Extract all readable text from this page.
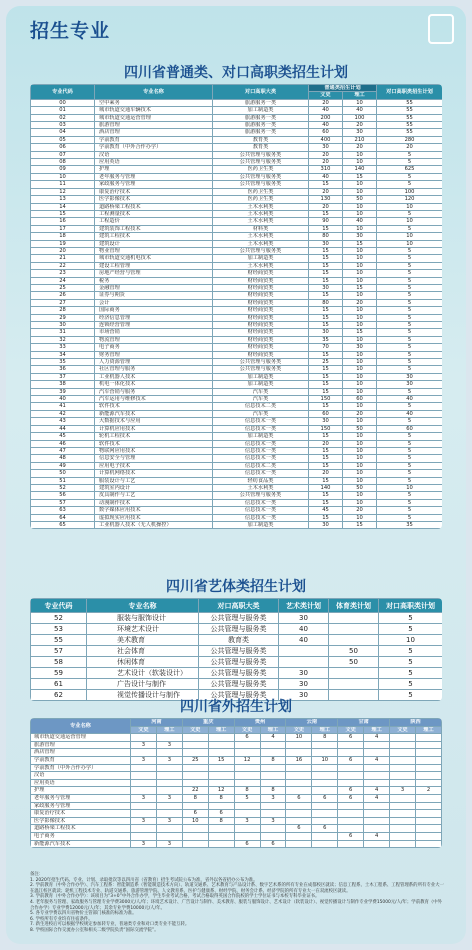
招生专业
四川省普通类、对口高职类招生计划
专业代码	专业名称	对口高职大类	普通类招生计划		对口高职类招生计划
			文史	理工	
00	空中乘务	旅游服务一类	20	10	55
01	城市轨道交通车辆技术	加工制造类	40	40	55
02	城市轨道交通运营管理	旅游服务一类	200	100	55
03	旅游管理	旅游服务一类	40	20	55
04	酒店管理	旅游服务一类	60	30	55
05	学前教育	教育类	400	210	280
06	学前教育（中外合作办学）	教育类	30	20	20
07	汉语	公共管理与服务类	20	10	5
08	应用英语	公共管理与服务类	20	10	5
09	护理	医药卫生类	310	140	625
10	老年服务与管理	公共管理与服务类	40	15	5
11	家政服务与管理	公共管理与服务类	15	10	5
12	康复治疗技术	医药卫生类	20	10	100
13	医学影像技术	医药卫生类	130	50	120
14	道路桥梁工程技术	土木水利类	20	10	10
15	工程测量技术	土木水利类	15	10	5
16	工程造价	土木水利类	90	40	10
17	建筑装饰工程技术	材料类	15	10	5
18	建筑工程技术	土木水利类	80	30	10
19	建筑设计	土木水利类	30	15	10
20	物业管理	公共管理与服务类	15	10	5
21	城市轨道交通机电技术	加工制造类	15	10	5
22	建设工程管理	土木水利类	15	10	5
23	房地产经营与管理	财经商贸类	15	10	5
24	税务	财经商贸类	15	10	5
25	金融管理	财经商贸类	30	15	5
26	证券与期货	财经商贸类	15	10	5
27	会计	财经商贸类	80	20	5
28	国际商务	财经商贸类	15	10	5
29	经济信息管理	财经商贸类	15	10	5
30	连锁经营管理	财经商贸类	15	10	5
31	市场营销	财经商贸类	30	15	5
32	物流管理	财经商贸类	35	10	5
33	电子商务	财经商贸类	70	30	5
34	财务管理	财经商贸类	15	10	5
35	人力资源管理	公共管理与服务类	25	10	5
36	社区管理与服务	公共管理与服务类	15	10	5
37	工业机器人技术	加工制造类	15	10	30
38	机电一体化技术	加工制造类	15	10	30
39	汽车营销与服务	汽车类	15	10	5
40	汽车运用与维修技术	汽车类	150	60	40
41	软件技术	信息技术二类	15	10	5
42	新能源汽车技术	汽车类	60	20	40
43	大数据技术与应用	信息技术一类	30	10	5
44	计算机应用技术	信息技术一类	150	50	60
45	轮机工程技术	加工制造类	15	10	5
46	软件技术	信息技术一类	20	10	5
47	物联网应用技术	信息技术一类	15	10	5
48	信息安全与管理	信息技术一类	15	10	5
49	应用电子技术	信息技术二类	15	10	5
50	计算机网络技术	信息技术一类	20	10	5
51	服装设计与工艺	轻纺食品类	15	10	5
52	建筑室内设计	土木水利类	140	50	10
56	皮具制作与工艺	公共管理与服务类	15	10	5
57	动漫制作技术	信息技术一类	15	10	5
63	数字媒体应用技术	信息技术一类	45	20	5
64	虚拟现实应用技术	信息技术一类	15	10	5
65	工业机器人技术（无人机操控）	加工制造类	30	15	35
四川省艺体类招生计划
专业代码	专业名称	对口高职大类	艺术类计划	体育类计划	对口高职类计划
52	服装与服饰设计	公共管理与服务类	30		5
53	环境艺术设计	公共管理与服务类	40		5
55	美术教育	教育类	40		10
57	社会体育	公共管理与服务类		50	5
58	休闲体育	公共管理与服务类		50	5
59	艺术设计（软装设计）	公共管理与服务类	30		5
61	广告设计与制作	公共管理与服务类	30		5
62	视觉传播设计与制作	公共管理与服务类	30		5
四川省外招生计划
专业名称	河南		重庆		贵州		云南		甘肃		陕西	
	文史	理工	文史	理工	文史	理工	文史	理工	文史	理工	文史	理工
城市轨道交通运营管理					6	4	10	8	6	4		
旅游管理	3	3										
酒店管理												
学前教育	3	3	25	15	12	8	16	10	6	4		
学前教育（中外合作办学）												
汉语												
应用英语												
护理			22	12	8	8			6	4	3	2
老年服务与管理	3	3	8	8	5	3	6	6	6	4		
家政服务与管理												
康复治疗技术			6	6								
医学影像技术	3	3	10	8	3	3						
道路桥梁工程技术							6	6				
电子商务									6	4		
新能源汽车技术	3	3			6	6						
备注：
1. 2020年招生代码、专业、计划、录取批次等以四川省（省教育）招生考试院公布为准，省外以各省招办公布为准。
2. 学前教育（中外合作办学）、汽车工程系：智能制造系（智能制造技术方向）、轨道交通系、艺术教育与产品设计系、数字艺术系的所有专业在成都校区就读；信息工程系、土木工程系、工程管理系的所有专业大一在温江校区就读；轮机工程技术专业、轨道交通系、旅游管理学院、人文教育系、医护与健康系、财经学院、财务会计系、经济学院的所有专业大一在双流校区就读。
3. 学前教育（中外合作办学）：该项目为“3+0”中外合作办学，学生毕业考试合格，考试合格取得英国合作院校的学士学位证书与本校专科毕业证书。
4. 老年服务与管理、家政服务与管理专业学费3000元/人/年；环境艺术设计、广告设计与制作、美术教育、服装与服饰设计、艺术设计（软装设计）、视觉传播设计与制作专业学费15000元/人/年；学前教育（中外合作办学）专业学费12000元/人/年；其余专业学费10000元/人/年。
5. 各专业学费以四川省物价主管部门核准的标准为准。
6. 学校所有专业均有住宿条件。
7. 新生进校后可以根据学校规定参加转专业，普通类专业和对口类专业不能互转。
8. 学校国际合作交流办公室和相关二级学院负责“国际交流学院”。
